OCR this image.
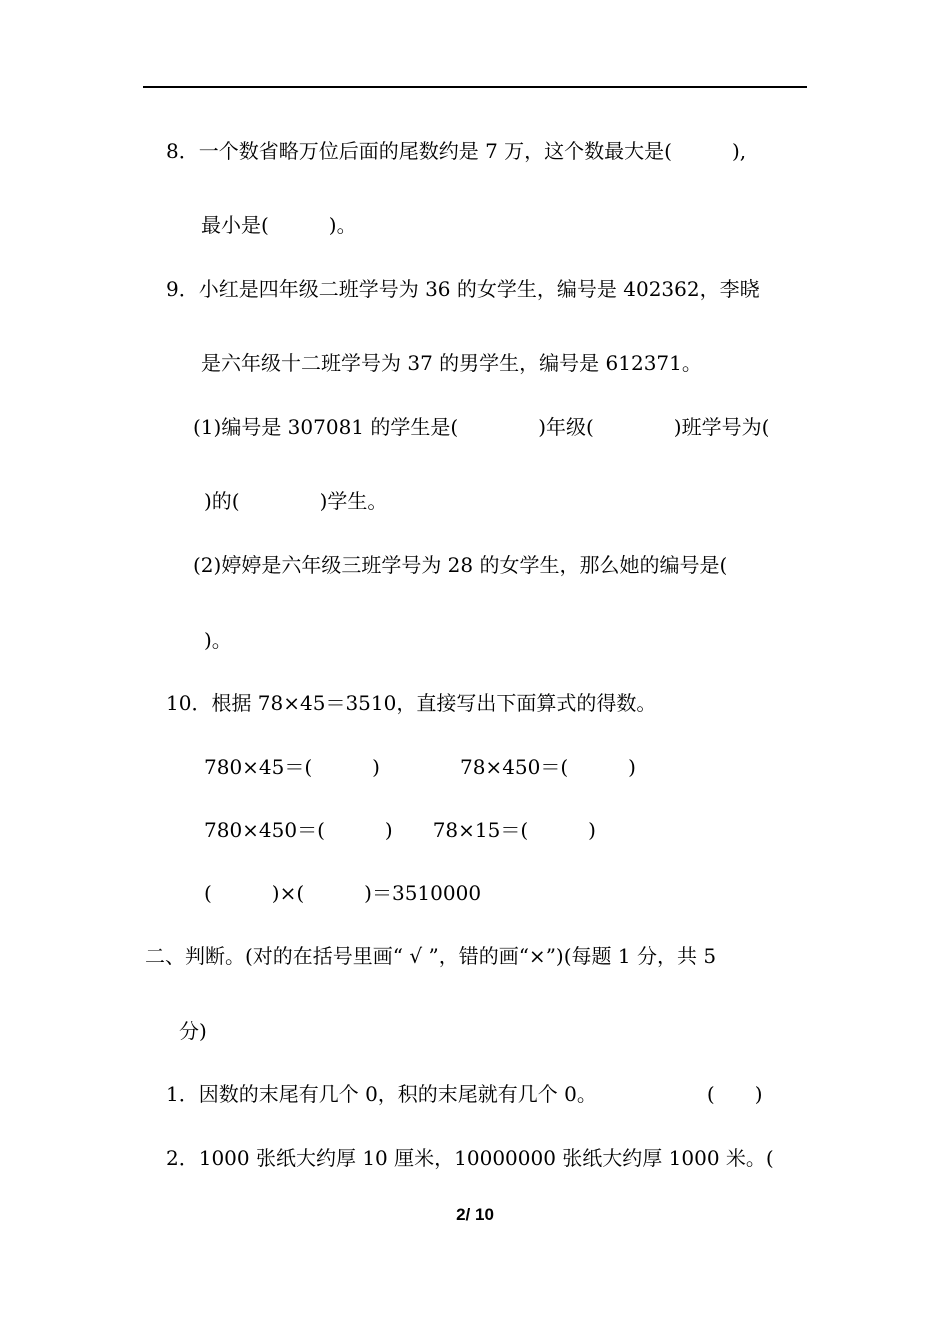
8．一个数省略万位后面的尾数约是 7 万，这个数最大是(　　　),
最小是(　　　)。
9．小红是四年级二班学号为 36 的女学生，编号是 402362，李晓
是六年级十二班学号为 37 的男学生，编号是 612371。
(1)编号是 307081 的学生是(　　　　)年级(　　　　)班学号为(
)的(　　　　)学生。
(2)婷婷是六年级三班学号为 28 的女学生，那么她的编号是(
)。
10．根据 78×45＝3510，直接写出下面算式的得数。
780×45＝(　　　)　　　　78×450＝(　　　)
780×450＝(　　　)　　78×15＝(　　　)
(　　　)×(　　　)＝3510000
二、判断。(对的在括号里画“ √ ”，错的画“×”)(每题 1 分，共 5
分)
1．因数的末尾有几个 0，积的末尾就有几个 0。　　　　　　(　　)
2．1000 张纸大约厚 10 厘米，10000000 张纸大约厚 1000 米。(
2/ 10
